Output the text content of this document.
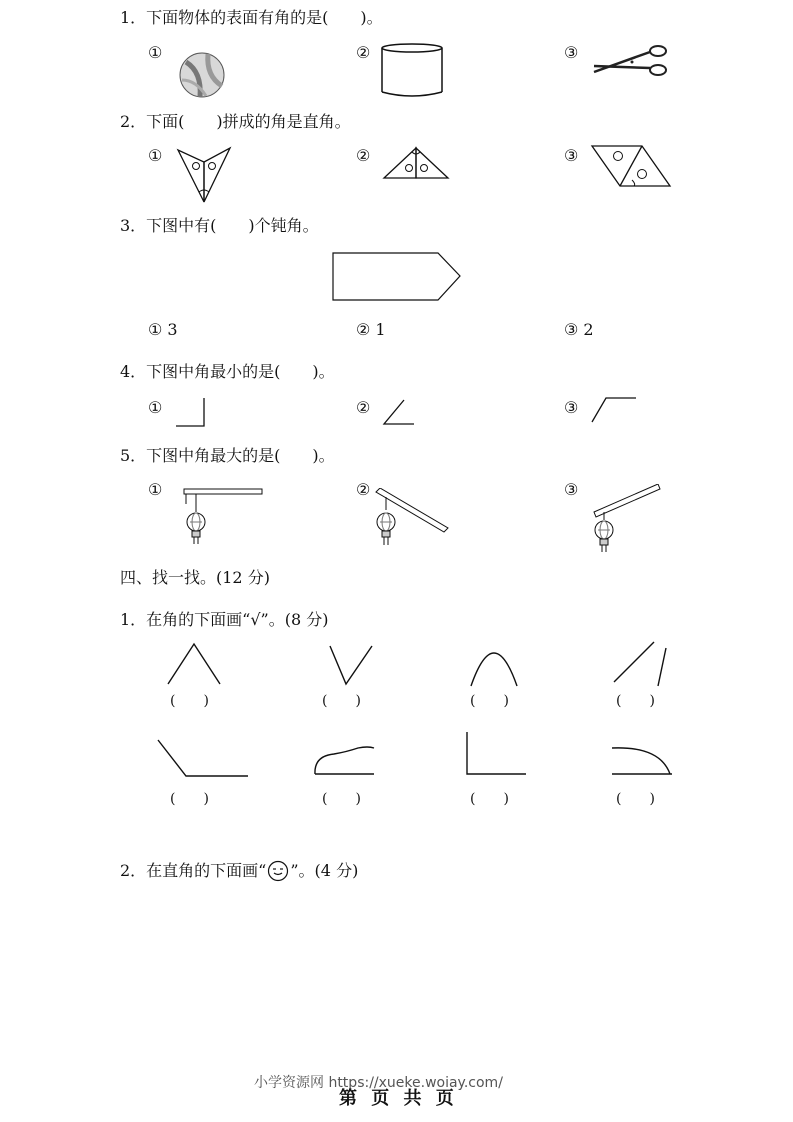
1．下面物体的表面有角的是(　　)。
①	②	③
2．下面(　　)拼成的角是直角。
①	②	③
3．下图中有(　　)个钝角。
① 3	② 1	③ 2
4．下图中角最小的是(　　)。
①	②	③
5．下图中角最大的是(　　)。
①	②	③
四、找一找。(12 分)
1．在角的下面画“√”。(8 分)
(　　)	(　　)	(　　)	(　　)
(　　)	(　　)	(　　)	(　　)
2．在直角的下面画“ ”。(4 分)
小学资源网 https://xueke.woiay.com/
第 页 共 页
